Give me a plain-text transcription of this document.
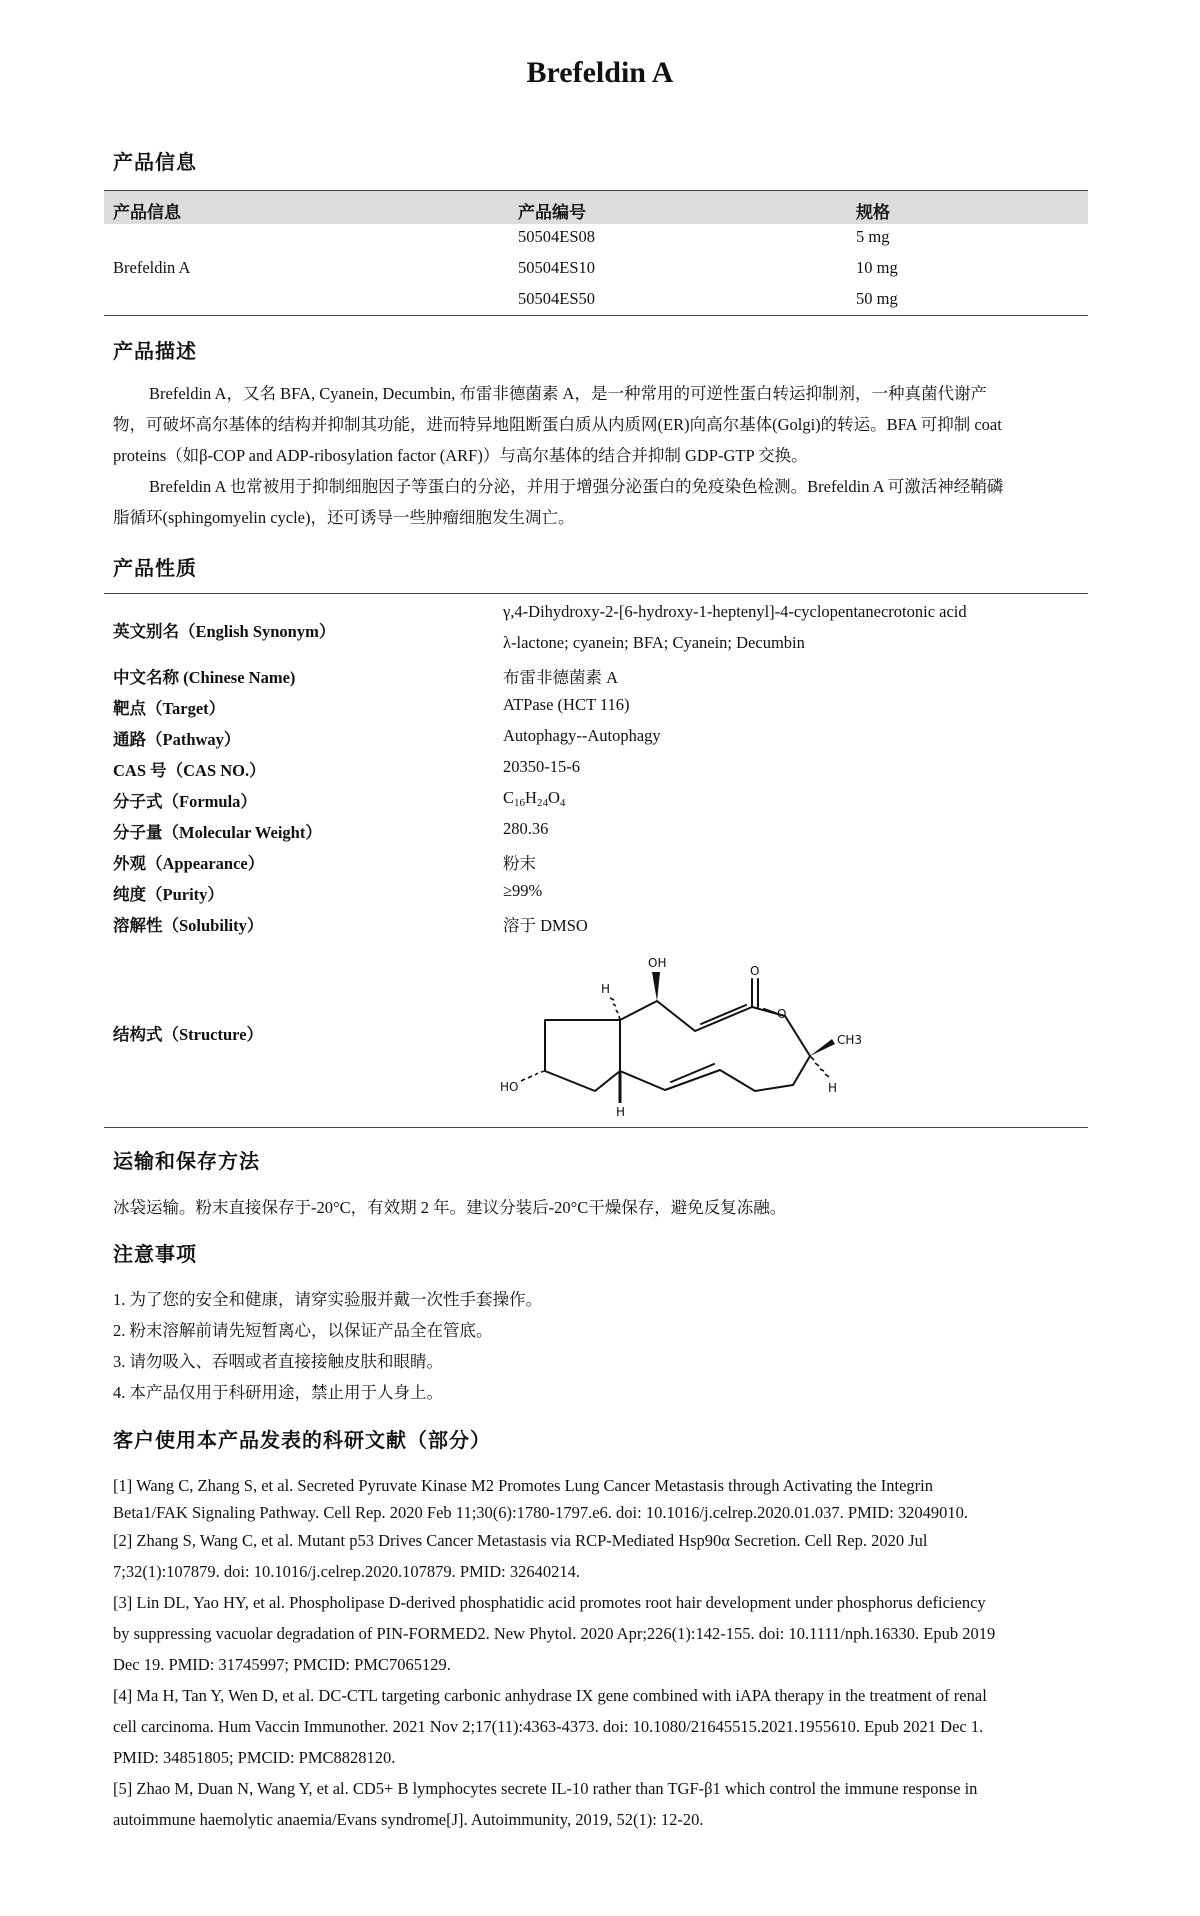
Brefeldin A
产品信息
产品信息	产品编号	规格
Brefeldin A
50504ES08	5 mg
50504ES10	10 mg
50504ES50	50 mg
产品描述
Brefeldin A，又名 BFA, Cyanein, Decumbin, 布雷非德菌素 A，是一种常用的可逆性蛋白转运抑制剂，一种真菌代谢产
物，可破坏高尔基体的结构并抑制其功能，进而特异地阻断蛋白质从内质网(ER)向高尔基体(Golgi)的转运。BFA 可抑制 coat
proteins（如β-COP and ADP-ribosylation factor (ARF)）与高尔基体的结合并抑制 GDP-GTP 交换。
Brefeldin A 也常被用于抑制细胞因子等蛋白的分泌，并用于增强分泌蛋白的免疫染色检测。Brefeldin A 可激活神经鞘磷
脂循环(sphingomyelin cycle)，还可诱导一些肿瘤细胞发生凋亡。
产品性质
英文别名（English Synonym）
γ,4-Dihydroxy-2-[6-hydroxy-1-heptenyl]-4-cyclopentanecrotonic acid
λ-lactone; cyanein; BFA; Cyanein; Decumbin
中文名称 (Chinese Name)	布雷非德菌素 A
靶点（Target）	ATPase (HCT 116)
通路（Pathway）	Autophagy--Autophagy
CAS 号（CAS NO.）	20350-15-6
分子式（Formula）	$C_{16}H_{24}O_4$
分子量（Molecular Weight）	280.36
外观（Appearance）	粉末
纯度（Purity）	≥99%
溶解性（Solubility）	溶于 DMSO
结构式（Structure）
OH
H
O
O
CH3
H
HO
H
运输和保存方法
冰袋运输。粉末直接保存于-20°C，有效期 2 年。建议分装后-20°C干燥保存，避免反复冻融。
注意事项
1. 为了您的安全和健康，请穿实验服并戴一次性手套操作。
2. 粉末溶解前请先短暂离心，以保证产品全在管底。
3. 请勿吸入、吞咽或者直接接触皮肤和眼睛。
4. 本产品仅用于科研用途，禁止用于人身上。
客户使用本产品发表的科研文献（部分）
[1] Wang C, Zhang S, et al. Secreted Pyruvate Kinase M2 Promotes Lung Cancer Metastasis through Activating the Integrin
Beta1/FAK Signaling Pathway. Cell Rep. 2020 Feb 11;30(6):1780-1797.e6. doi: 10.1016/j.celrep.2020.01.037. PMID: 32049010.
[2] Zhang S, Wang C, et al. Mutant p53 Drives Cancer Metastasis via RCP-Mediated Hsp90α Secretion. Cell Rep. 2020 Jul
7;32(1):107879. doi: 10.1016/j.celrep.2020.107879. PMID: 32640214.
[3] Lin DL, Yao HY, et al. Phospholipase D-derived phosphatidic acid promotes root hair development under phosphorus deficiency
by suppressing vacuolar degradation of PIN-FORMED2. New Phytol. 2020 Apr;226(1):142-155. doi: 10.1111/nph.16330. Epub 2019
Dec 19. PMID: 31745997; PMCID: PMC7065129.
[4] Ma H, Tan Y, Wen D, et al. DC-CTL targeting carbonic anhydrase IX gene combined with iAPA therapy in the treatment of renal
cell carcinoma. Hum Vaccin Immunother. 2021 Nov 2;17(11):4363-4373. doi: 10.1080/21645515.2021.1955610. Epub 2021 Dec 1.
PMID: 34851805; PMCID: PMC8828120.
[5] Zhao M, Duan N, Wang Y, et al. CD5+ B lymphocytes secrete IL-10 rather than TGF-β1 which control the immune response in
autoimmune haemolytic anaemia/Evans syndrome[J]. Autoimmunity, 2019, 52(1): 12-20.
